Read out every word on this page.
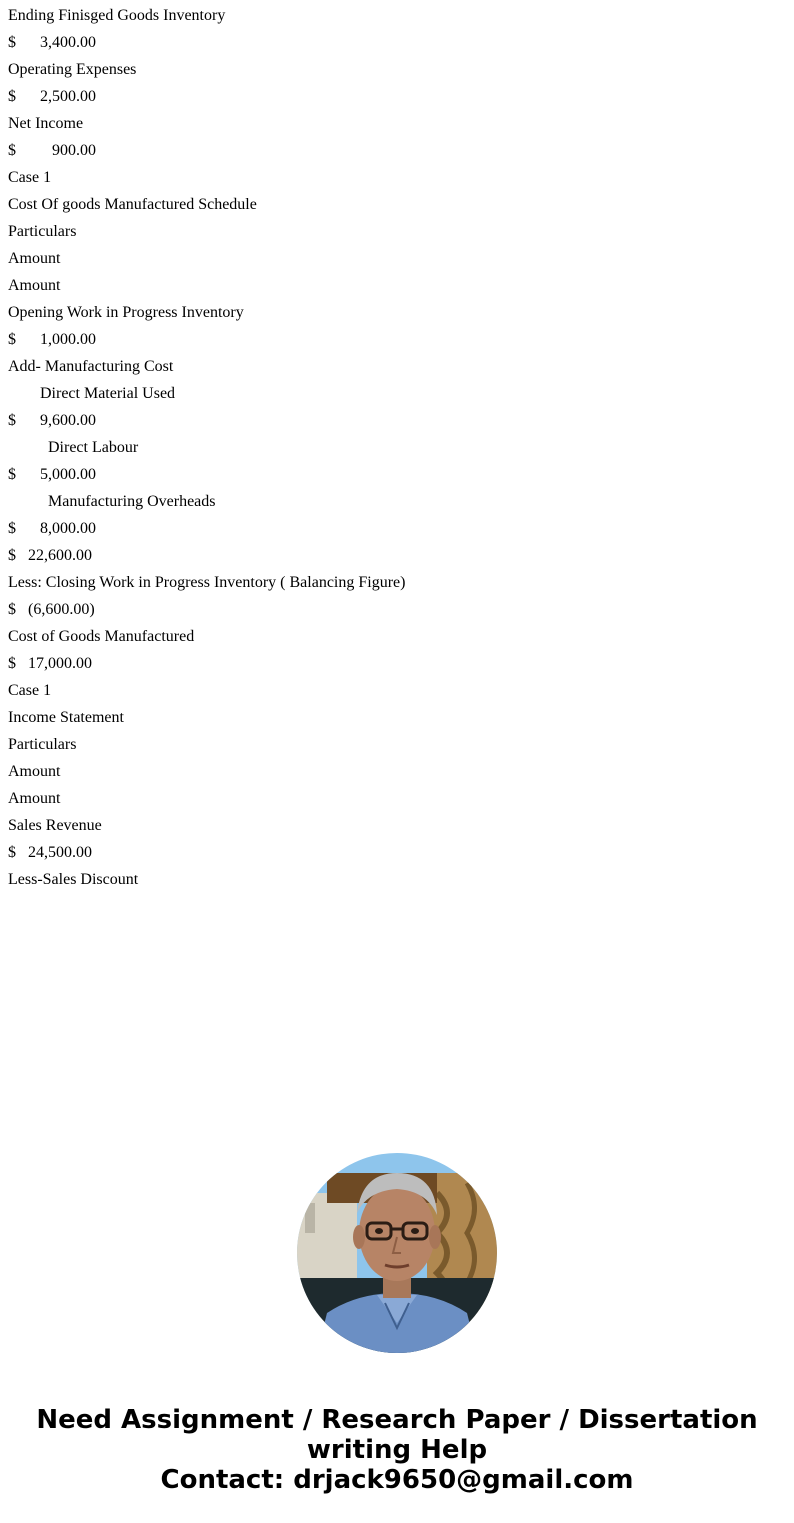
Ending Finisged Goods Inventory
$ 3,400.00
Operating Expenses
$ 2,500.00
Net Income
$ 900.00
Case 1
Cost Of goods Manufactured Schedule
Particulars
Amount
Amount
Opening Work in Progress Inventory
$ 1,000.00
Add- Manufacturing Cost
Direct Material Used
$ 9,600.00
Direct Labour
$ 5,000.00
Manufacturing Overheads
$ 8,000.00
$ 22,600.00
Less: Closing Work in Progress Inventory ( Balancing Figure)
$ (6,600.00)
Cost of Goods Manufactured
$ 17,000.00
Case 1
Income Statement
Particulars
Amount
Amount
Sales Revenue
$ 24,500.00
Less-Sales Discount
Need Assignment / Research Paper / Dissertation
writing Help
Contact: drjack9650@gmail.com
